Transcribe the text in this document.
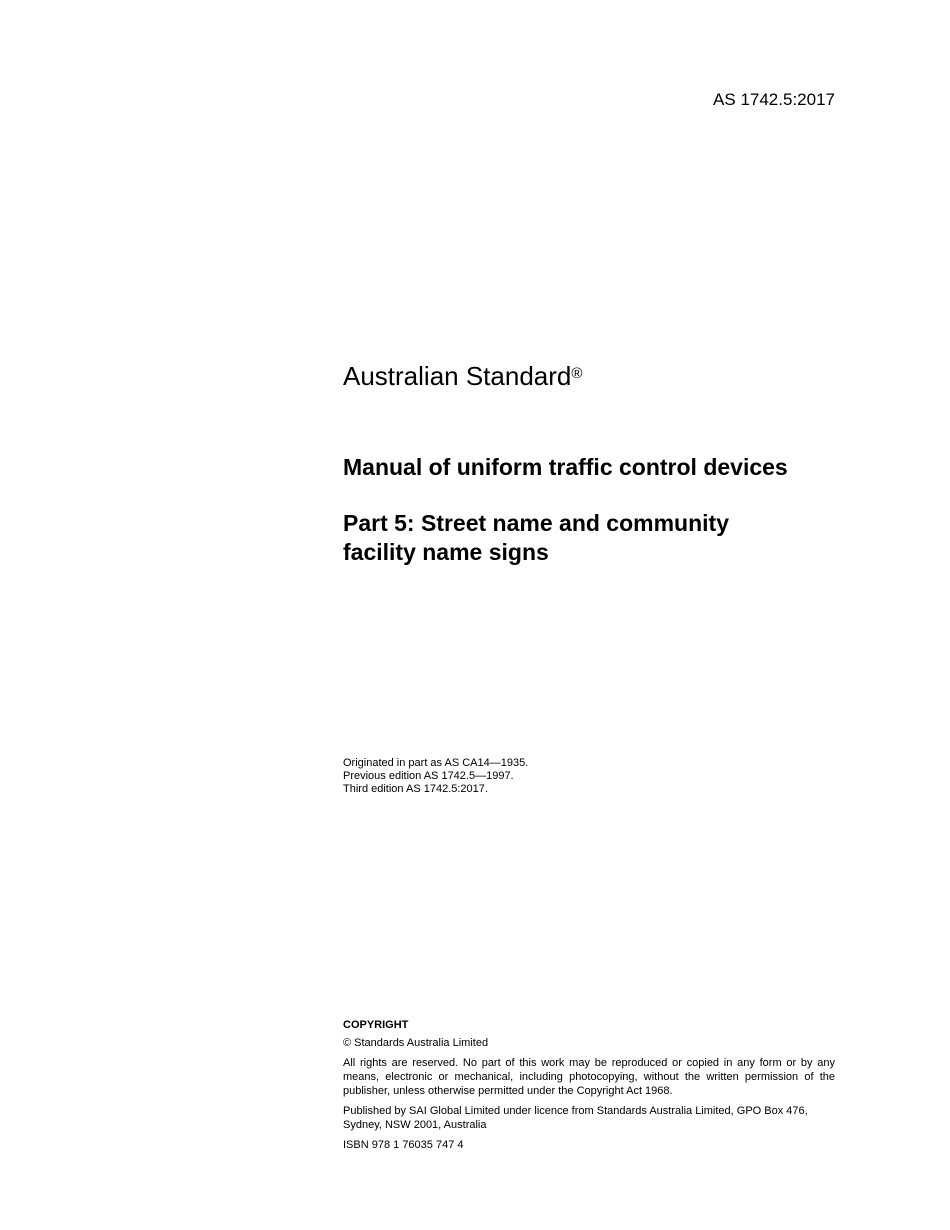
AS 1742.5:2017
Australian Standard®
Manual of uniform traffic control devices
Part 5: Street name and community
facility name signs
Originated in part as AS CA14—1935.
Previous edition AS 1742.5—1997.
Third edition AS 1742.5:2017.

COPYRIGHT

© Standards Australia Limited

All rights are reserved. No part of this work may be reproduced or copied in any form or by any means, electronic or mechanical, including photocopying, without the written permission of the publisher, unless otherwise permitted under the Copyright Act 1968.

Published by SAI Global Limited under licence from Standards Australia Limited, GPO Box 476, Sydney, NSW 2001, Australia

ISBN 978 1 76035 747 4
